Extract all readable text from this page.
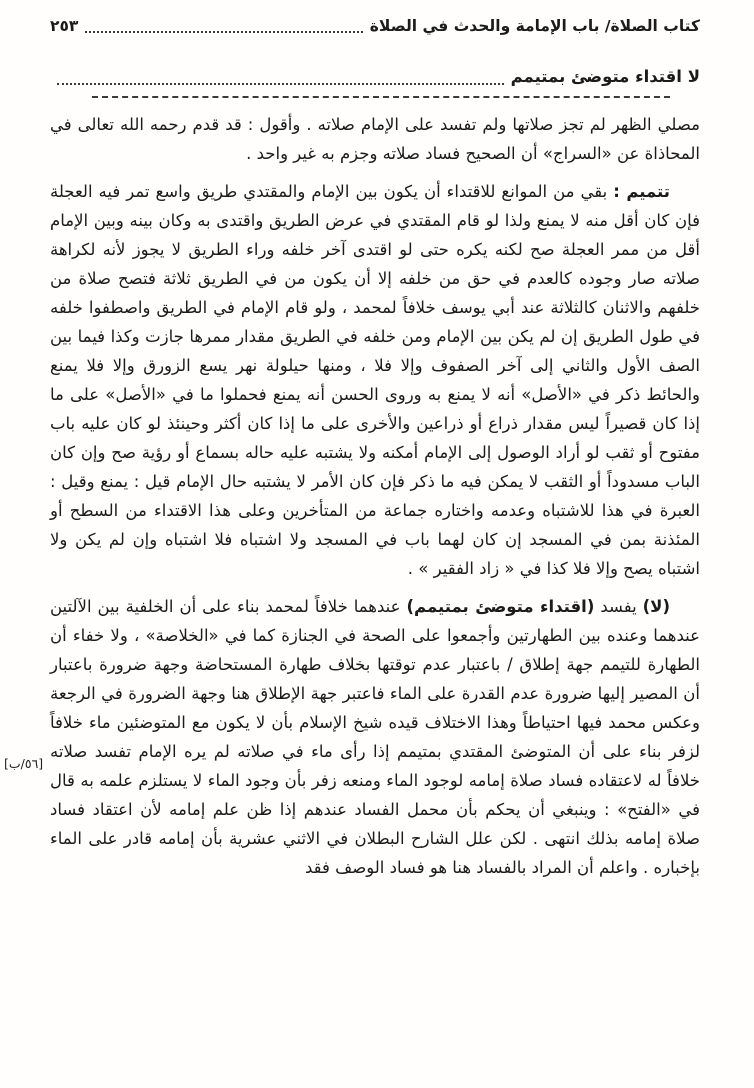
كتاب الصلاة/ باب الإمامة والحدث في الصلاة
٢٥٣
لا اقتداء متوضئ بمتيمم

مصلي الظهر لم تجز صلاتها ولم تفسد على الإمام صلاته . وأقول : قد قدم رحمه الله تعالى في المحاذاة عن «السراج» أن الصحيح فساد صلاته وجزم به غير واحد .

تتميم : بقي من الموانع للاقتداء أن يكون بين الإمام والمقتدي طريق واسع تمر فيه العجلة فإن كان أقل منه لا يمنع ولذا لو قام المقتدي في عرض الطريق واقتدى به وكان بينه وبين الإمام أقل من ممر العجلة صح لكنه يكره حتى لو اقتدى آخر خلفه وراء الطريق لا يجوز لأنه لكراهة صلاته صار وجوده كالعدم في حق من خلفه إلا أن يكون من في الطريق ثلاثة فتصح صلاة من خلفهم والاثنان كالثلاثة عند أبي يوسف خلافاً لمحمد ، ولو قام الإمام في الطريق واصطفوا خلفه في طول الطريق إن لم يكن بين الإمام ومن خلفه في الطريق مقدار ممرها جازت وكذا فيما بين الصف الأول والثاني إلى آخر الصفوف وإلا فلا ، ومنها حيلولة نهر يسع الزورق وإلا فلا يمنع والحائط ذكر في «الأصل» أنه لا يمنع به وروى الحسن أنه يمنع فحملوا ما في «الأصل» على ما إذا كان قصيراً ليس مقدار ذراع أو ذراعين والأخرى على ما إذا كان أكثر وحينئذ لو كان عليه باب مفتوح أو ثقب لو أراد الوصول إلى الإمام أمكنه ولا يشتبه عليه حاله بسماع أو رؤية صح وإن كان الباب مسدوداً أو الثقب لا يمكن فيه ما ذكر فإن كان الأمر لا يشتبه حال الإمام قيل : يمنع وقيل : العبرة في هذا للاشتباه وعدمه واختاره جماعة من المتأخرين وعلى هذا الاقتداء من السطح أو المئذنة بمن في المسجد إن كان لهما باب في المسجد ولا اشتباه فلا اشتباه وإن لم يكن ولا اشتباه يصح وإلا فلا كذا في « زاد الفقير » .

(لا) يفسد (اقتداء متوضئ بمتيمم) عندهما خلافاً لمحمد بناء على أن الخلفية بين الآلتين عندهما وعنده بين الطهارتين وأجمعوا على الصحة في الجنازة كما في «الخلاصة» ، ولا خفاء أن الطهارة للتيمم جهة إطلاق / باعتبار عدم توقتها بخلاف طهارة المستحاضة وجهة ضرورة باعتبار أن المصير إليها ضرورة عدم القدرة على الماء فاعتبر جهة الإطلاق هنا وجهة الضرورة في الرجعة وعكس محمد فيها احتياطاً وهذا الاختلاف قيده شيخ الإسلام بأن لا يكون مع المتوضئين ماء خلافاً لزفر بناء على أن المتوضئ المقتدي بمتيمم إذا رأى ماء في صلاته لم يره الإمام تفسد صلاته خلافاً له لاعتقاده فساد صلاة إمامه لوجود الماء ومنعه زفر بأن وجود الماء لا يستلزم علمه به قال في «الفتح» : وينبغي أن يحكم بأن محمل الفساد عندهم إذا ظن علم إمامه لأن اعتقاد فساد صلاة إمامه بذلك انتهى . لكن علل الشارح البطلان في الاثني عشرية بأن إمامه قادر على الماء بإخباره . واعلم أن المراد بالفساد هنا هو فساد الوصف فقد

[٥٦/ب]
